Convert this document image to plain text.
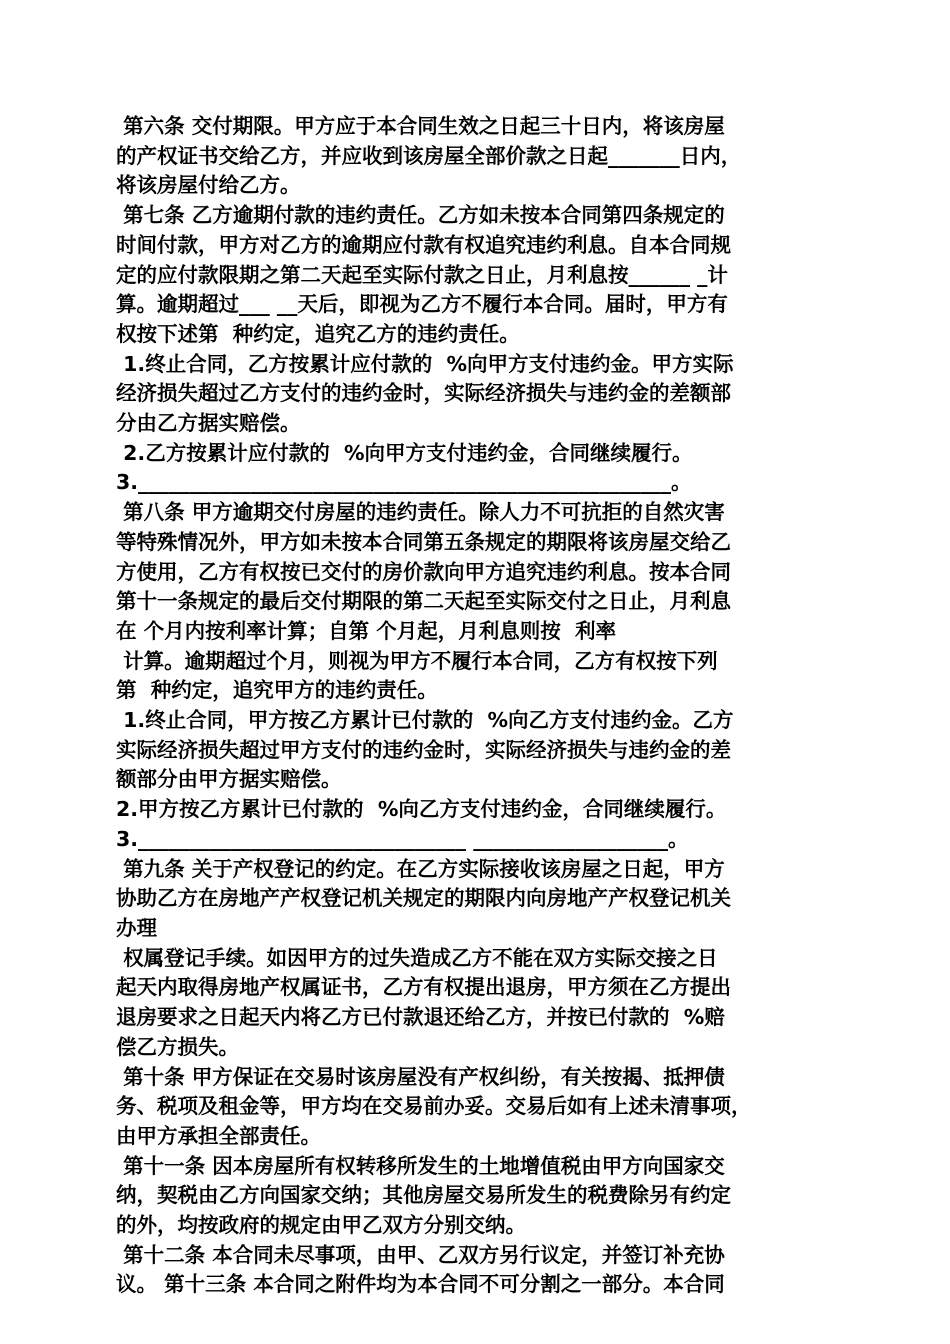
第六条 交付期限。甲方应于本合同生效之日起三十日内，将该房屋
的产权证书交给乙方，并应收到该房屋全部价款之日起_______日内，
将该房屋付给乙方。
第七条 乙方逾期付款的违约责任。乙方如未按本合同第四条规定的
时间付款，甲方对乙方的逾期应付款有权追究违约利息。自本合同规
定的应付款限期之第二天起至实际付款之日止，月利息按______ _计
算。逾期超过___ __天后，即视为乙方不履行本合同。届时，甲方有
权按下述第  种约定，追究乙方的违约责任。
1.终止合同，乙方按累计应付款的  %向甲方支付违约金。甲方实际
经济损失超过乙方支付的违约金时，实际经济损失与违约金的差额部
分由乙方据实赔偿。
2.乙方按累计应付款的  %向甲方支付违约金，合同继续履行。
3.____________________________________________________。
第八条 甲方逾期交付房屋的违约责任。除人力不可抗拒的自然灾害
等特殊情况外，甲方如未按本合同第五条规定的期限将该房屋交给乙
方使用，乙方有权按已交付的房价款向甲方追究违约利息。按本合同
第十一条规定的最后交付期限的第二天起至实际交付之日止，月利息
在 个月内按利率计算；自第 个月起，月利息则按  利率
计算。逾期超过个月，则视为甲方不履行本合同，乙方有权按下列
第  种约定，追究甲方的违约责任。
1.终止合同，甲方按乙方累计已付款的  %向乙方支付违约金。乙方
实际经济损失超过甲方支付的违约金时，实际经济损失与违约金的差
额部分由甲方据实赔偿。
2.甲方按乙方累计已付款的  %向乙方支付违约金，合同继续履行。
3.________________________________ ___________________。
第九条 关于产权登记的约定。在乙方实际接收该房屋之日起，甲方
协助乙方在房地产产权登记机关规定的期限内向房地产产权登记机关
办理
权属登记手续。如因甲方的过失造成乙方不能在双方实际交接之日
起天内取得房地产权属证书，乙方有权提出退房，甲方须在乙方提出
退房要求之日起天内将乙方已付款退还给乙方，并按已付款的  %赔
偿乙方损失。
第十条 甲方保证在交易时该房屋没有产权纠纷，有关按揭、抵押债
务、税项及租金等，甲方均在交易前办妥。交易后如有上述未清事项，
由甲方承担全部责任。
第十一条 因本房屋所有权转移所发生的土地增值税由甲方向国家交
纳，契税由乙方向国家交纳；其他房屋交易所发生的税费除另有约定
的外，均按政府的规定由甲乙双方分别交纳。
第十二条 本合同未尽事项，由甲、乙双方另行议定，并签订补充协
议。 第十三条 本合同之附件均为本合同不可分割之一部分。本合同
